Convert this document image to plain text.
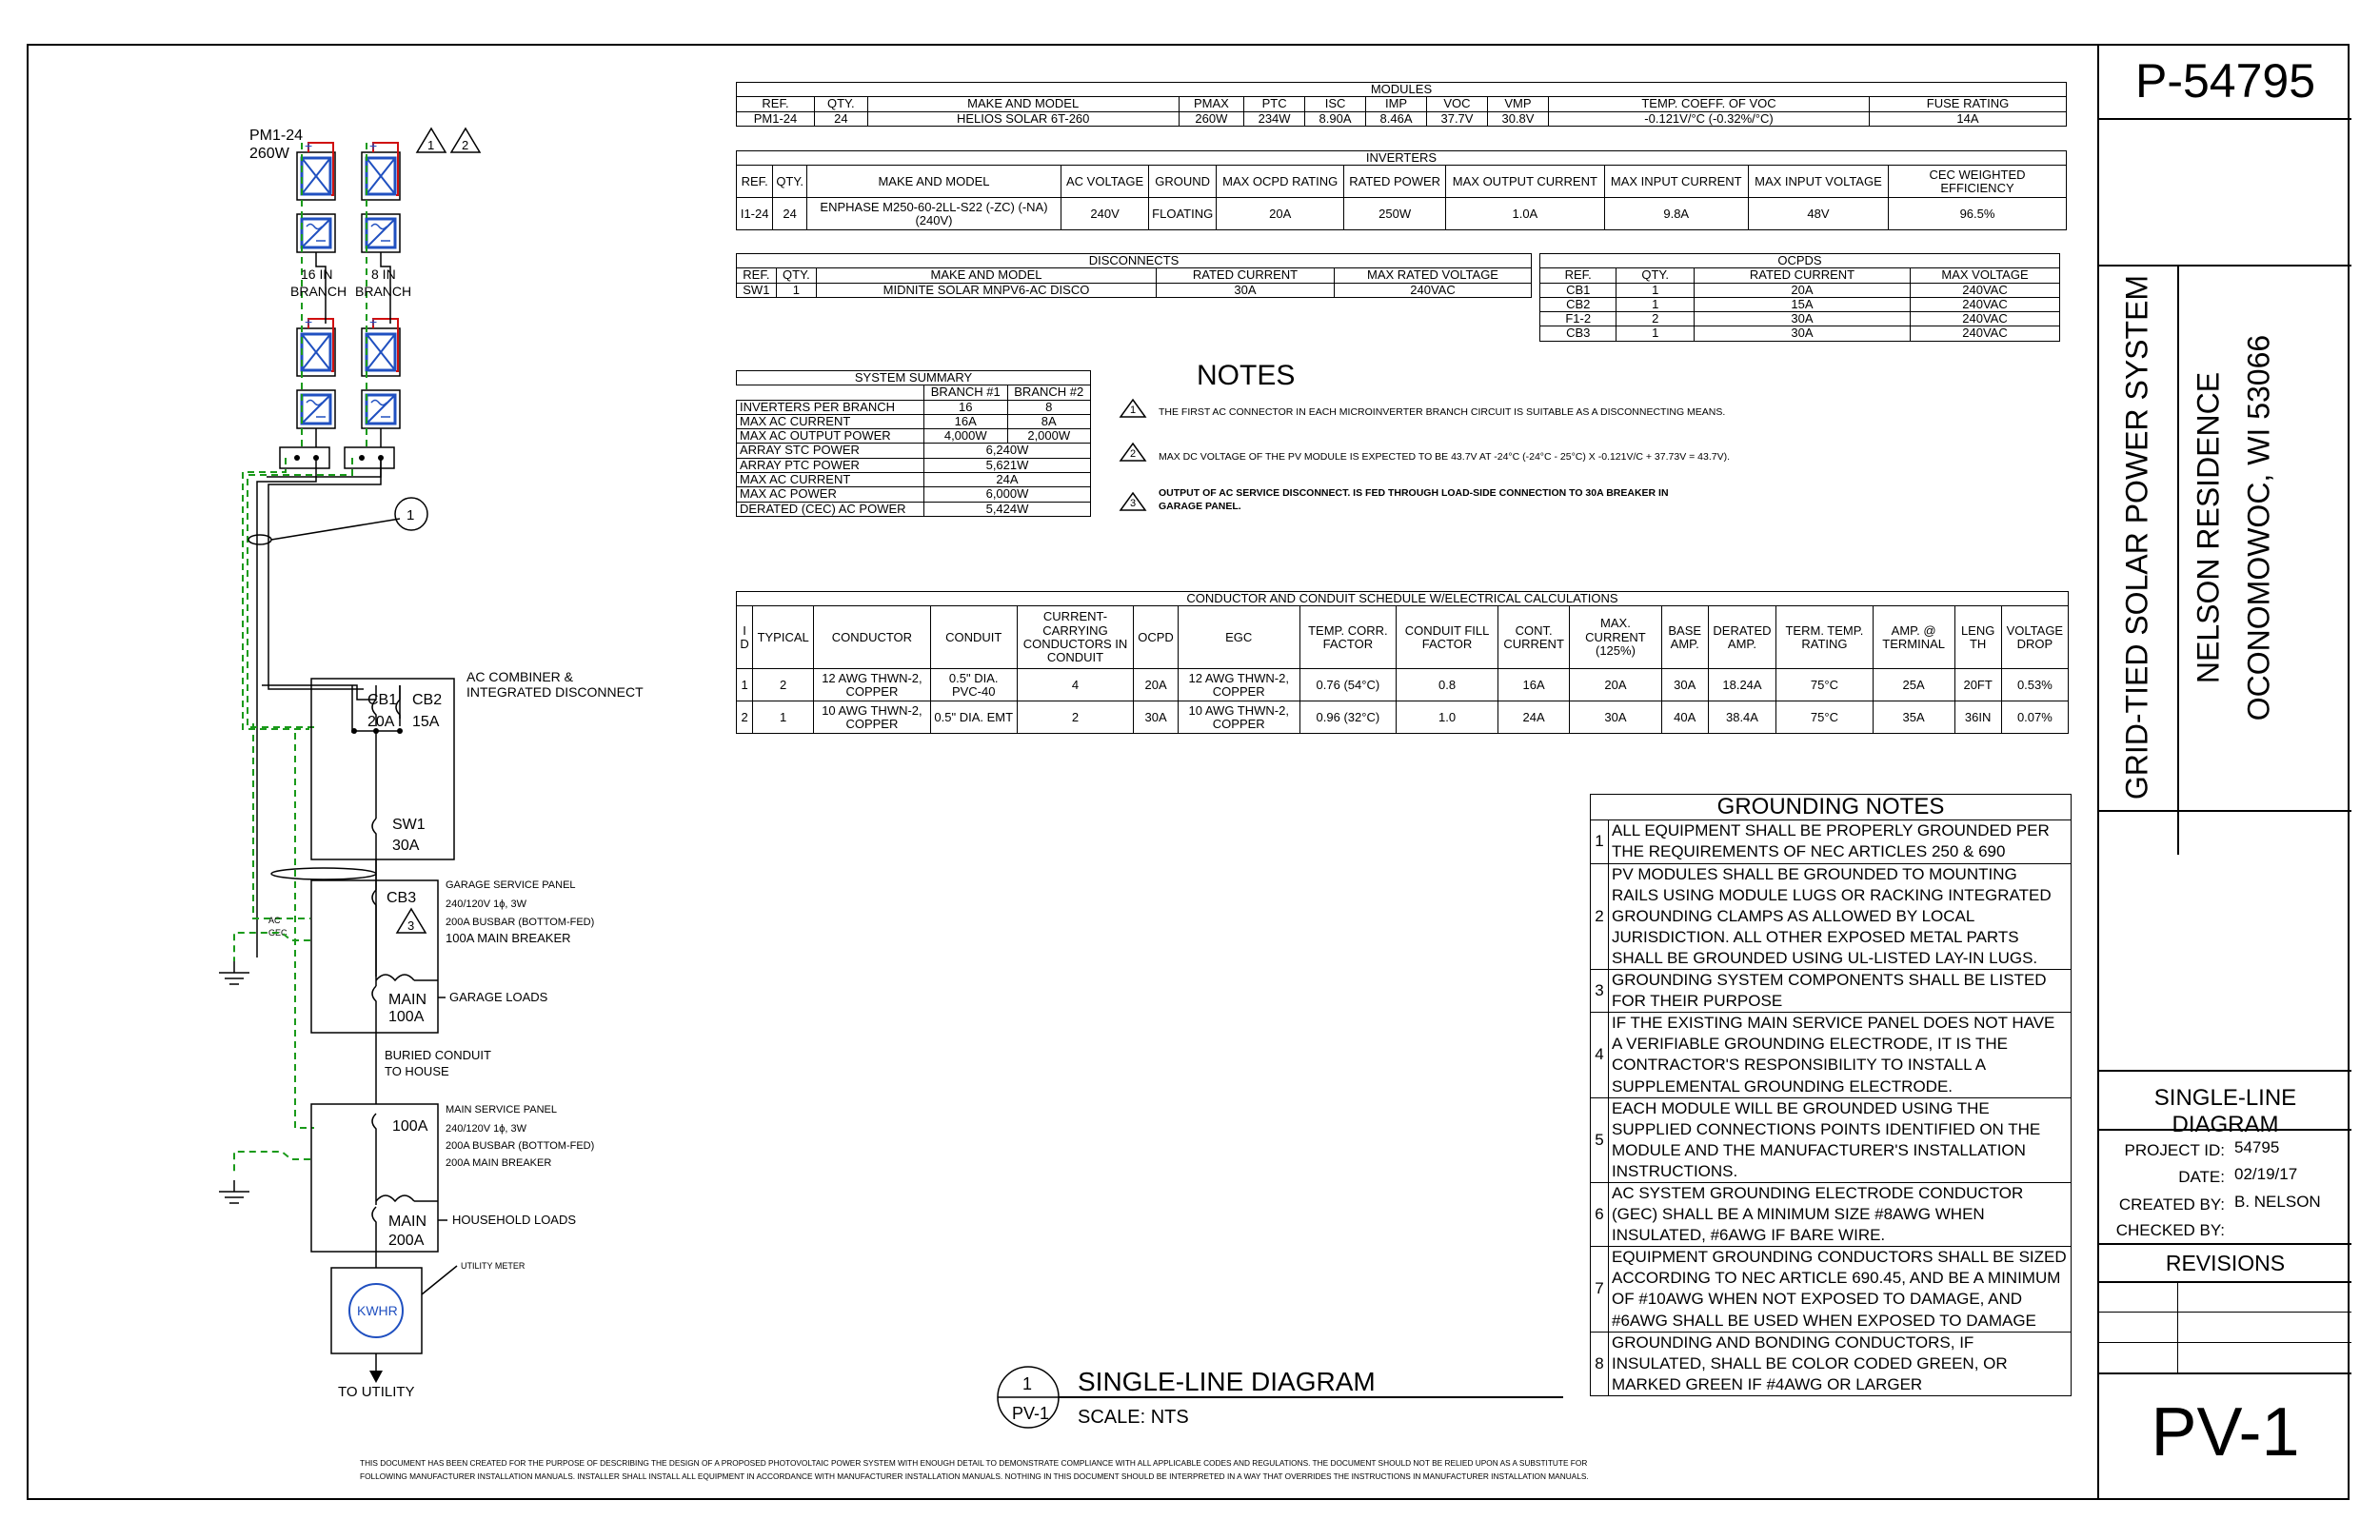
P-54795
GRID-TIED SOLAR POWER SYSTEM NELSON RESIDENCE OCONOMOWOC, WI 53066
SINGLE-LINE DIAGRAM
PROJECT ID: 54795
DATE: 02/19/17
CREATED BY: B. NELSON
CHECKED BY:
REVISIONS
PV-1
MODULES										
REF.	QTY.	MAKE AND MODEL	PMAX	PTC	ISC	IMP	VOC	VMP	TEMP. COEFF. OF VOC	FUSE RATING
PM1-24	24	HELIOS SOLAR 6T-260	260W	234W	8.90A	8.46A	37.7V	30.8V	-0.121V/°C (-0.32%/°C)	14A
INVERTERS										
REF.	QTY.	MAKE AND MODEL	AC VOLTAGE	GROUND	MAX OCPD RATING	RATED POWER	MAX OUTPUT CURRENT	MAX INPUT CURRENT	MAX INPUT VOLTAGE	CEC WEIGHTED EFFICIENCY
I1-24	24	ENPHASE M250-60-2LL-S22 (-ZC) (-NA) (240V)	240V	FLOATING	20A	250W	1.0A	9.8A	48V	96.5%
DISCONNECTS				
REF.	QTY.	MAKE AND MODEL	RATED CURRENT	MAX RATED VOLTAGE
SW1	1	MIDNITE SOLAR MNPV6-AC DISCO	30A	240VAC
OCPDS			
REF.	QTY.	RATED CURRENT	MAX VOLTAGE
CB1	1	20A	240VAC
CB2	1	15A	240VAC
F1-2	2	30A	240VAC
CB3	1	30A	240VAC
SYSTEM SUMMARY		
	BRANCH #1	BRANCH #2
INVERTERS PER BRANCH	16	8
MAX AC CURRENT	16A	8A
MAX AC OUTPUT POWER	4,000W	2,000W
ARRAY STC POWER	6,240W	
ARRAY PTC POWER	5,621W	
MAX AC CURRENT	24A	
MAX AC POWER	6,000W	
DERATED (CEC) AC POWER	5,424W	
NOTES
1
2
3
THE FIRST AC CONNECTOR IN EACH MICROINVERTER BRANCH CIRCUIT IS SUITABLE AS A DISCONNECTING MEANS.
MAX DC VOLTAGE OF THE PV MODULE IS EXPECTED TO BE 43.7V AT -24°C (-24°C - 25°C) X -0.121V/C + 37.73V = 43.7V).
OUTPUT OF AC SERVICE DISCONNECT. IS FED THROUGH LOAD-SIDE CONNECTION TO 30A BREAKER IN GARAGE PANEL.
CONDUCTOR AND CONDUIT SCHEDULE W/ELECTRICAL CALCULATIONS																
ID	TYPICAL	CONDUCTOR	CONDUIT	CURRENT-CARRYING CONDUCTORS IN CONDUIT	OCPD	EGC	TEMP. CORR. FACTOR	CONDUIT FILL FACTOR	CONT. CURRENT	MAX. CURRENT (125%)	BASE AMP.	DERATED AMP.	TERM. TEMP. RATING	AMP. @ TERMINAL	LENGTH	VOLTAGE DROP
1	2	12 AWG THWN-2, COPPER	0.5" DIA. PVC-40	4	20A	12 AWG THWN-2, COPPER	0.76 (54°C)	0.8	16A	20A	30A	18.24A	75°C	25A	20FT	0.53%
2	1	10 AWG THWN-2, COPPER	0.5" DIA. EMT	2	30A	10 AWG THWN-2, COPPER	0.96 (32°C)	1.0	24A	30A	40A	38.4A	75°C	35A	36IN	0.07%
GROUNDING NOTES	
1	ALL EQUIPMENT SHALL BE PROPERLY GROUNDED PER THE REQUIREMENTS OF NEC ARTICLES 250 & 690
2	PV MODULES SHALL BE GROUNDED TO MOUNTING RAILS USING MODULE LUGS OR RACKING INTEGRATED GROUNDING CLAMPS AS ALLOWED BY LOCAL JURISDICTION. ALL OTHER EXPOSED METAL PARTS SHALL BE GROUNDED USING UL-LISTED LAY-IN LUGS.
3	GROUNDING SYSTEM COMPONENTS SHALL BE LISTED FOR THEIR PURPOSE
4	IF THE EXISTING MAIN SERVICE PANEL DOES NOT HAVE A VERIFIABLE GROUNDING ELECTRODE, IT IS THE CONTRACTOR'S RESPONSIBILITY TO INSTALL A SUPPLEMENTAL GROUNDING ELECTRODE.
5	EACH MODULE WILL BE GROUNDED USING THE SUPPLIED CONNECTIONS POINTS IDENTIFIED ON THE MODULE AND THE MANUFACTURER'S INSTALLATION INSTRUCTIONS.
6	AC SYSTEM GROUNDING ELECTRODE CONDUCTOR (GEC) SHALL BE A MINIMUM SIZE #8AWG WHEN INSULATED, #6AWG IF BARE WIRE.
7	EQUIPMENT GROUNDING CONDUCTORS SHALL BE SIZED ACCORDING TO NEC ARTICLE 690.45, AND BE A MINIMUM OF #10AWG WHEN NOT EXPOSED TO DAMAGE, AND #6AWG SHALL BE USED WHEN EXPOSED TO DAMAGE
8	GROUNDING AND BONDING CONDUCTORS, IF INSULATED, SHALL BE COLOR CODED GREEN, OR MARKED GREEN IF #4AWG OR LARGER
PM1-24
260W
1 2
+	+
+	+
16 IN
BRANCH
8 IN
BRANCH
1
AC COMBINER &
INTEGRATED DISCONNECT
CB1
20A
CB2
15A
SW1
30A
CB3
3
GARAGE SERVICE PANEL
240/120V 1ϕ, 3W
200A BUSBAR (BOTTOM-FED)
100A MAIN BREAKER
MAIN
100A
GARAGE LOADS
AC
GEC
BURIED CONDUIT
TO HOUSE
100A
MAIN SERVICE PANEL
240/120V 1ϕ, 3W
200A BUSBAR (BOTTOM-FED)
200A MAIN BREAKER
MAIN
200A
HOUSEHOLD LOADS
KWHR
UTILITY METER
TO UTILITY	1
PV-1
SINGLE-LINE DIAGRAM
SCALE: NTS
THIS DOCUMENT HAS BEEN CREATED FOR THE PURPOSE OF DESCRIBING THE DESIGN OF A PROPOSED PHOTOVOLTAIC POWER SYSTEM WITH ENOUGH DETAIL TO DEMONSTRATE COMPLIANCE WITH ALL APPLICABLE CODES AND REGULATIONS. THE DOCUMENT SHOULD NOT BE RELIED UPON AS A SUBSTITUTE FOR
FOLLOWING MANUFACTURER INSTALLATION MANUALS. INSTALLER SHALL INSTALL ALL EQUIPMENT IN ACCORDANCE WITH MANUFACTURER INSTALLATION MANUALS. NOTHING IN THIS DOCUMENT SHOULD BE INTERPRETED IN A WAY THAT OVERRIDES THE INSTRUCTIONS IN MANUFACTURER INSTALLATION MANUALS.
